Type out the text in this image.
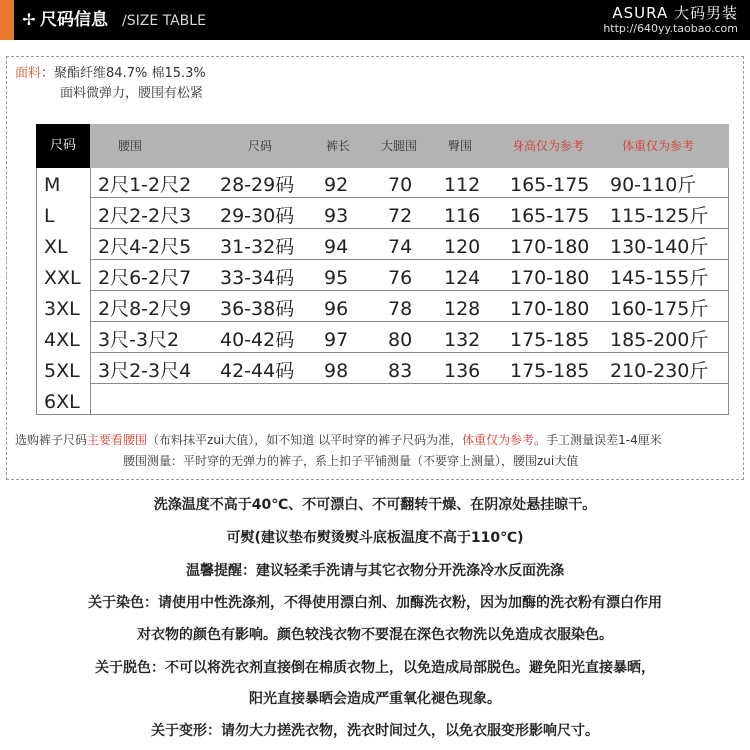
✢ 尺码信息 /SIZE TABLE	ASURA 大码男装
http://640yy.taobao.com
面料：聚酯纤维84.7% 棉15.3%
面料微弹力，腰围有松紧
尺码	腰围	尺码	裤长	大腿围	臀围	身高仅为参考	体重仅为参考
M	2尺1-2尺2 28-29码 92 70 112 165-175 90-110斤
L	2尺2-2尺3 29-30码 93 72 116 165-175 115-125斤
XL	2尺4-2尺5 31-32码 94 74 120 170-180 130-140斤
XXL 2尺6-2尺7 33-34码 95 76 124 170-180 145-155斤
3XL 2尺8-2尺9 36-38码 96 78 128 170-180 160-175斤
4XL 3尺-3尺2 40-42码 97 80 132 175-185 185-200斤
5XL 3尺2-3尺4 42-44码 98 83 136 175-185 210-230斤
6XL
选购裤子尺码主要看腰围（布料抹平zui大值），如不知道 以平时穿的裤子尺码为准，体重仅为参考。手工测量误差1-4厘米
腰围测量：平时穿的无弹力的裤子，系上扣子平铺测量（不要穿上测量），腰围zui大值
洗涤温度不高于40℃、不可漂白、不可翻转干燥、在阴凉处悬挂晾干。
可熨(建议垫布熨烫熨斗底板温度不高于110℃)
温馨提醒：建议轻柔手洗请与其它衣物分开洗涤冷水反面洗涤
关于染色：请使用中性洗涤剂，不得使用漂白剂、加酶洗衣粉，因为加酶的洗衣粉有漂白作用
对衣物的颜色有影响。颜色较浅衣物不要混在深色衣物洗以免造成衣服染色。
关于脱色：不可以将洗衣剂直接倒在棉质衣物上，以免造成局部脱色。避免阳光直接暴晒，
阳光直接暴晒会造成严重氧化褪色现象。
关于变形：请勿大力搓洗衣物，洗衣时间过久，以免衣服变形影响尺寸。
